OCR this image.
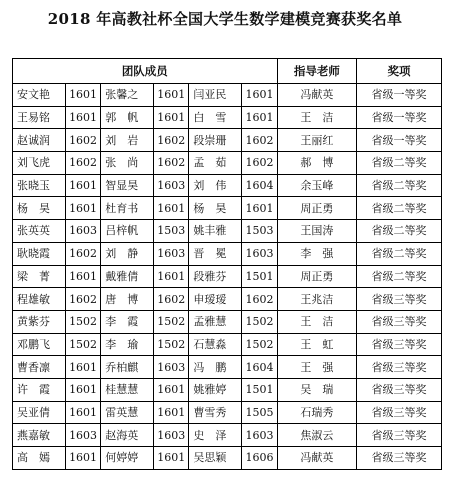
2018 年高教社杯全国大学生数学建模竞赛获奖名单
团队成员						指导老师	奖项
安文艳	1601	张馨之	1601	闫亚民	1601	冯献英	省级一等奖
王易铭	1601	郭　帆	1601	白　雪	1601	王　洁	省级一等奖
赵诚润	1602	刘　岩	1602	段崇珊	1602	王丽红	省级一等奖
刘飞虎	1602	张　尚	1602	孟　茹	1602	郝　博	省级二等奖
张晓玉	1601	智显昊	1603	刘　伟	1604	余玉峰	省级二等奖
杨　昊	1601	杜育书	1601	杨　昊	1601	周正勇	省级二等奖
张英英	1603	吕梓帆	1503	姚丰雅	1503	王国涛	省级二等奖
耿晓霞	1602	刘　静	1603	晋　冕	1603	李　强	省级二等奖
梁　菁	1601	戴雅倩	1601	段雅芬	1501	周正勇	省级二等奖
程雄敏	1602	唐　博	1602	申瑷瑷	1602	王兆洁	省级三等奖
黄紫芬	1502	李　霞	1502	孟雅慧	1502	王　洁	省级三等奖
邓鹏飞	1502	李　瑜	1502	石慧淼	1502	王　虹	省级三等奖
曹香凛	1601	乔柏麒	1603	冯　鹏	1604	王　强	省级三等奖
许　霞	1601	桂慧慧	1601	姚雅婷	1501	吴　瑞	省级三等奖
吴亚倩	1601	雷英慧	1601	曹雪秀	1505	石瑞秀	省级三等奖
燕嘉敏	1603	赵海英	1603	史　泽	1603	焦淑云	省级三等奖
高　嫣	1601	何婷婷	1601	吴思颖	1606	冯献英	省级三等奖
